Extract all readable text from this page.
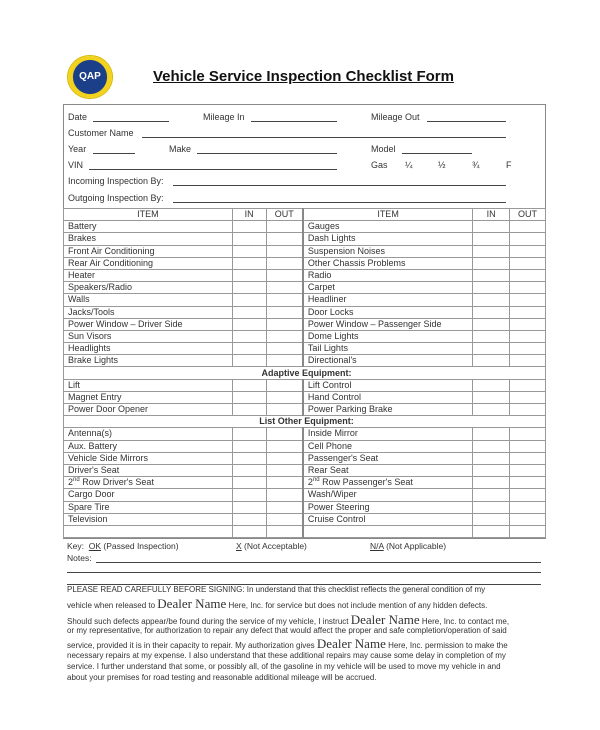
QAP	Vehicle Service Inspection Checklist Form
Date	Mileage In	Mileage Out
Customer Name
Year	Make	Model
VIN	Gas ¼	½	¾	F
Incoming Inspection By:
Outgoing Inspection By:
ITEM	IN	OUT	ITEM	IN	OUT
Battery			Gauges		
Brakes			Dash Lights		
Front Air Conditioning			Suspension Noises		
Rear Air Conditioning			Other Chassis Problems		
Heater			Radio		
Speakers/Radio			Carpet		
Walls			Headliner		
Jacks/Tools			Door Locks		
Power Window – Driver Side			Power Window – Passenger Side		
Sun Visors			Dome Lights		
Headlights			Tail Lights		
Brake Lights			Directional's		
Adaptive Equipment:					
Lift			Lift Control		
Magnet Entry			Hand Control		
Power Door Opener			Power Parking Brake		
List Other Equipment:					
Antenna(s)			Inside Mirror		
Aux. Battery			Cell Phone		
Vehicle Side Mirrors			Passenger's Seat		
Driver's Seat			Rear Seat		
2nd Row Driver's Seat			2nd Row Passenger's Seat		
Cargo Door			Wash/Wiper		
Spare Tire			Power Steering		
Television			Cruise Control		

Key: OK (Passed Inspection)	X (Not Acceptable)	N/A (Not Applicable)
Notes:
PLEASE READ CAREFULLY BEFORE SIGNING: In understand that this checklist reflects the general condition of my
vehicle when released to Dealer Name Here, Inc. for service but does not include mention of any hidden defects.
Should such defects appear/be found during the service of my vehicle, I instruct Dealer Name Here, Inc. to contact me,
or my representative, for authorization to repair any defect that would affect the proper and safe completion/operation of said
service, provided it is in their capacity to repair. My authorization gives Dealer Name Here, Inc. permission to make the
necessary repairs at my expense. I also understand that these additional repairs may cause some delay in completion of my
service. I further understand that some, or possibly all, of the gasoline in my vehicle will be used to move my vehicle in and
about your premises for road testing and reasonable additional mileage will be accrued.
